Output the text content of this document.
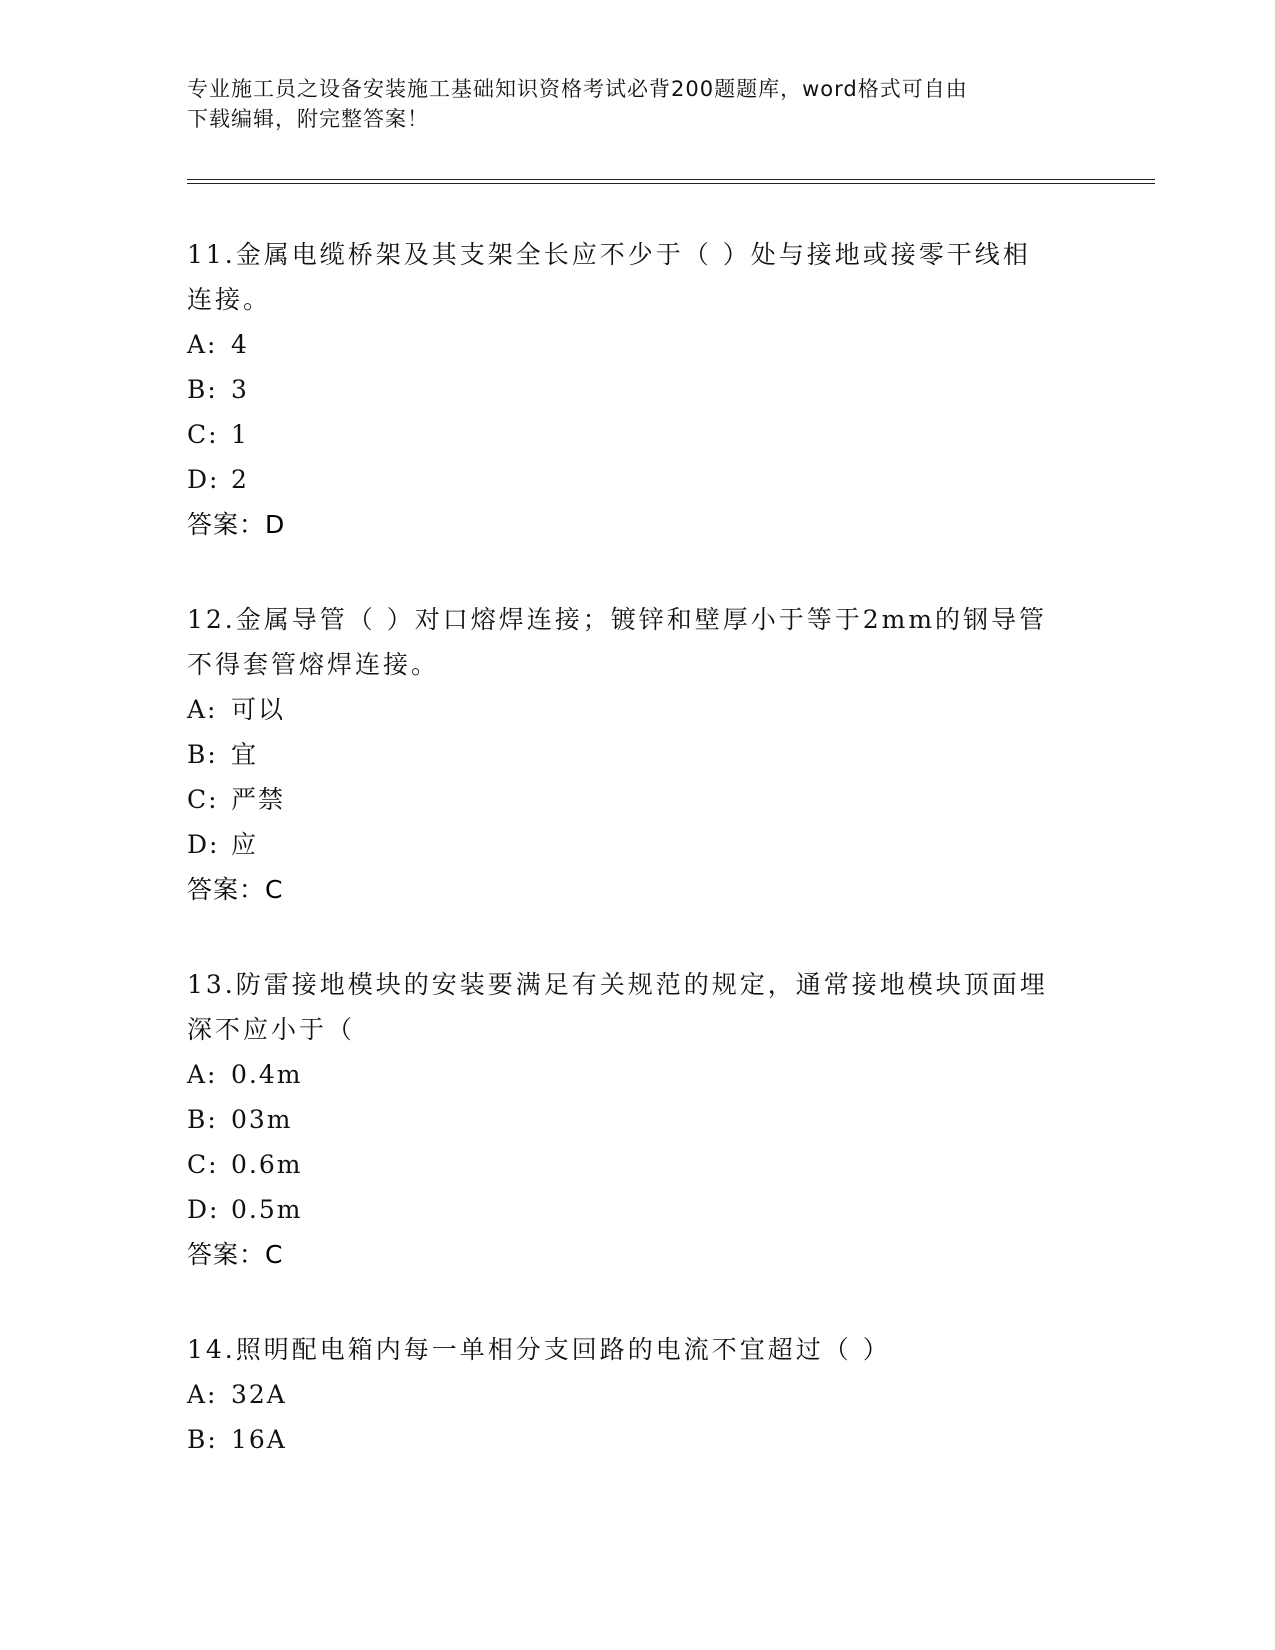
专业施工员之设备安装施工基础知识资格考试必背200题题库，word格式可自由
下载编辑，附完整答案！

11.金属电缆桥架及其支架全长应不少于（ ）处与接地或接零干线相

连接。

A: 4

B: 3

C: 1

D: 2

答案：D

12.金属导管（ ）对口熔焊连接；镀锌和壁厚小于等于2mm的钢导管

不得套管熔焊连接。

A: 可以

B: 宜

C: 严禁

D: 应

答案：C

13.防雷接地模块的安装要满足有关规范的规定，通常接地模块顶面埋

深不应小于（

A: 0.4m

B: 03m

C: 0.6m

D: 0.5m

答案：C

14.照明配电箱内每一单相分支回路的电流不宜超过（ ）

A: 32A

B: 16A
